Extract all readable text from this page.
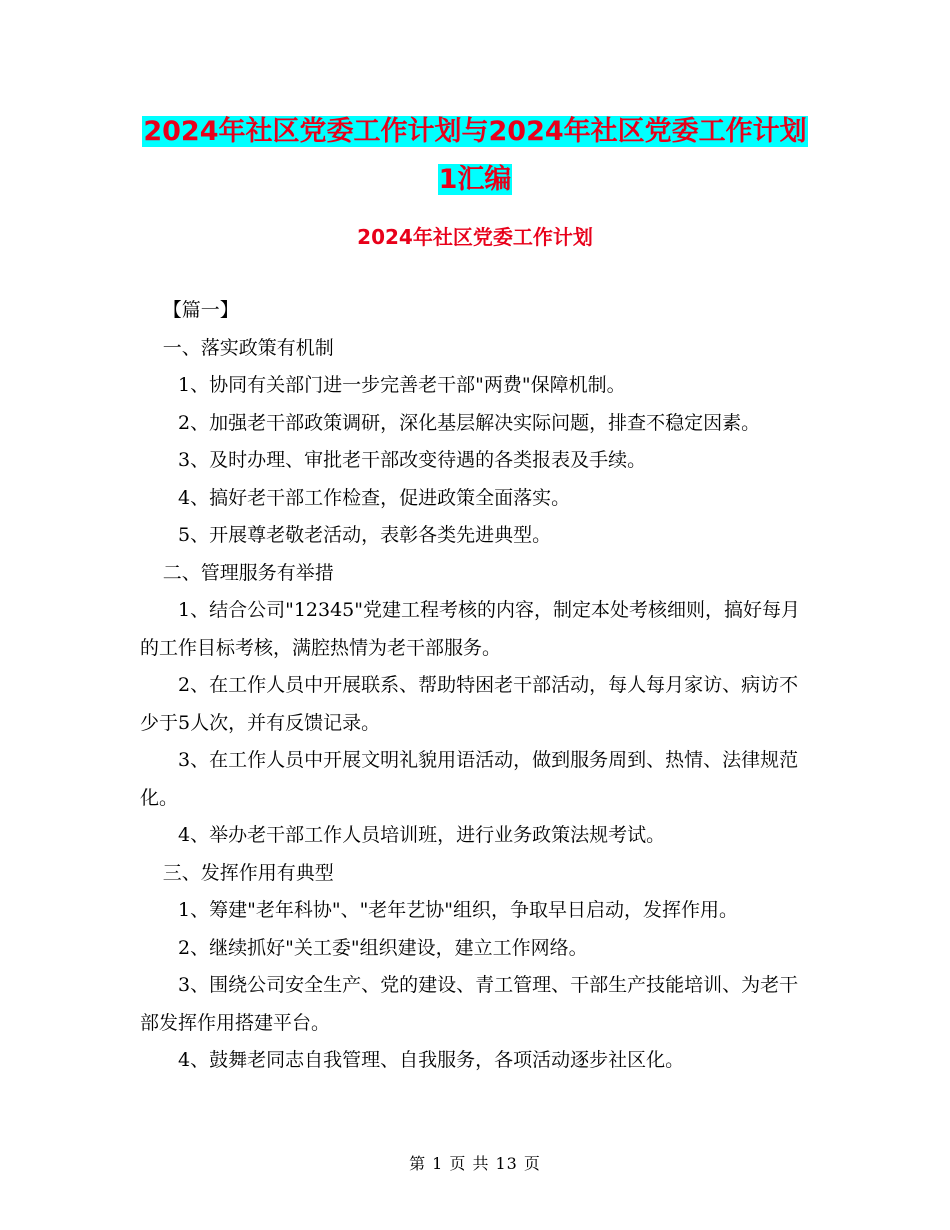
2024年社区党委工作计划与2024年社区党委工作计划
1汇编
2024年社区党委工作计划

【篇一】

一、落实政策有机制

1、协同有关部门进一步完善老干部"两费"保障机制。

2、加强老干部政策调研，深化基层解决实际问题，排查不稳定因素。

3、及时办理、审批老干部改变待遇的各类报表及手续。

4、搞好老干部工作检查，促进政策全面落实。

5、开展尊老敬老活动，表彰各类先进典型。

二、管理服务有举措

1、结合公司"12345"党建工程考核的内容，制定本处考核细则，搞好每月的工作目标考核，满腔热情为老干部服务。

2、在工作人员中开展联系、帮助特困老干部活动，每人每月家访、病访不少于5人次，并有反馈记录。

3、在工作人员中开展文明礼貌用语活动，做到服务周到、热情、法律规范化。

4、举办老干部工作人员培训班，进行业务政策法规考试。

三、发挥作用有典型

1、筹建"老年科协"、"老年艺协"组织，争取早日启动，发挥作用。

2、继续抓好"关工委"组织建设，建立工作网络。

3、围绕公司安全生产、党的建设、青工管理、干部生产技能培训、为老干部发挥作用搭建平台。

4、鼓舞老同志自我管理、自我服务，各项活动逐步社区化。

第 1 页 共 13 页
